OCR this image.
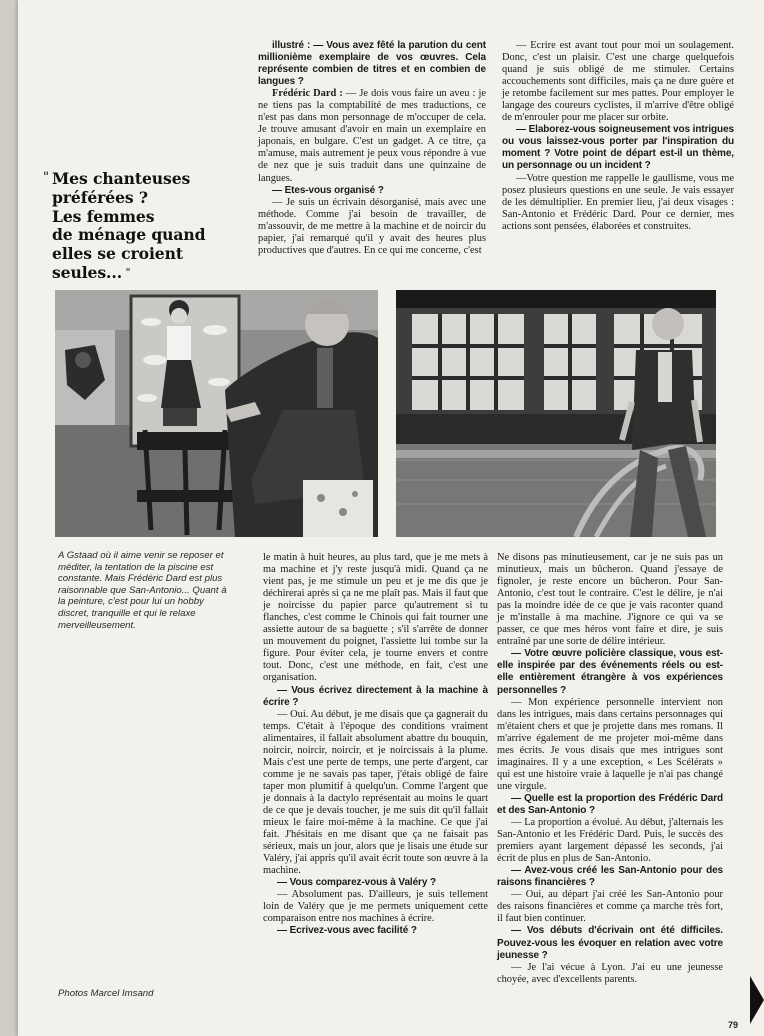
" Mes chanteuses
préférées ?
Les femmes
de ménage quand
elles se croient
seules... "

illustré : — Vous avez fêté la parution du cent millionième exemplaire de vos œuvres. Cela représente combien de titres et en combien de langues ?

Frédéric Dard : — Je dois vous faire un aveu : je ne tiens pas la comptabilité de mes traductions, ce n'est pas dans mon personnage de m'occuper de cela. Je trouve amusant d'avoir en main un exemplaire en japonais, en bulgare. C'est un gadget. A ce titre, ça m'amuse, mais autrement je peux vous répondre à vue de nez que je suis traduit dans une quinzaine de langues.

— Etes-vous organisé ?

— Je suis un écrivain désorganisé, mais avec une méthode. Comme j'ai besoin de travailler, de m'assouvir, de me mettre à la machine et de noircir du papier, j'ai remarqué qu'il y avait des heures plus productives que d'autres. En ce qui me concerne, c'est

— Ecrire est avant tout pour moi un soulagement. Donc, c'est un plaisir. C'est une charge quelquefois quand je suis obligé de me stimuler. Certains accouchements sont difficiles, mais ça ne dure guère et je retombe facilement sur mes pattes. Pour employer le langage des coureurs cyclistes, il m'arrive d'être obligé de m'enrouler pour me placer sur orbite.

— Elaborez-vous soigneusement vos intrigues ou vous laissez-vous porter par l'inspiration du moment ? Votre point de départ est-il un thème, un personnage ou un incident ?

—Votre question me rappelle le gaullisme, vous me posez plusieurs questions en une seule. Je vais essayer de les démultiplier. En premier lieu, j'ai deux visages : San-Antonio et Frédéric Dard. Pour ce dernier, mes actions sont pensées, élaborées et construites.

A Gstaad où il aime venir se reposer et méditer, la tentation de la piscine est constante. Mais Frédéric Dard est plus raisonnable que San-Antonio... Quant à la peinture, c'est pour lui un hobby discret, tranquille et qui le relaxe merveilleusement.

le matin à huit heures, au plus tard, que je me mets à ma machine et j'y reste jusqu'à midi. Quand ça ne vient pas, je me stimule un peu et je me dis que je déchirerai après si ça ne me plaît pas. Mais il faut que je noircisse du papier parce qu'autrement si tu flanches, c'est comme le Chinois qui fait tourner une assiette autour de sa baguette ; s'il s'arrête de donner un mouvement du poignet, l'assiette lui tombe sur la figure. Pour éviter cela, je tourne envers et contre tout. Donc, c'est une méthode, en fait, c'est une organisation.

— Vous écrivez directement à la machine à écrire ?

— Oui. Au début, je me disais que ça gagnerait du temps. C'était à l'époque des conditions vraiment alimentaires, il fallait absolument abattre du bouquin, noircir, noircir, noircir, et je noircissais à la plume. Mais c'est une perte de temps, une perte d'argent, car comme je ne savais pas taper, j'étais obligé de faire taper mon plumitif à quelqu'un. Comme l'argent que je donnais à la dactylo représentait au moins le quart de ce que je devais toucher, je me suis dit qu'il fallait mieux le faire moi-même à la machine. Ce que j'ai fait. J'hésitais en me disant que ça ne faisait pas sérieux, mais un jour, alors que je lisais une étude sur Valéry, j'ai appris qu'il avait écrit toute son œuvre à la machine.

— Vous comparez-vous à Valéry ?

— Absolument pas. D'ailleurs, je suis tellement loin de Valéry que je me permets uniquement cette comparaison entre nos machines à écrire.

— Ecrivez-vous avec facilité ?

Ne disons pas minutieusement, car je ne suis pas un minutieux, mais un bûcheron. Quand j'essaye de fignoler, je reste encore un bûcheron. Pour San-Antonio, c'est tout le contraire. C'est le délire, je n'ai pas la moindre idée de ce que je vais raconter quand je m'installe à ma machine. J'ignore ce qui va se passer, ce que mes héros vont faire et dire, je suis entraîné par une sorte de délire intérieur.

— Votre œuvre policière classique, vous est-elle inspirée par des événements réels ou est-elle entièrement étrangère à vos expériences personnelles ?

— Mon expérience personnelle intervient non dans les intrigues, mais dans certains personnages qui m'étaient chers et que je projette dans mes romans. Il m'arrive également de me projeter moi-même dans mes écrits. Je vous disais que mes intrigues sont imaginaires. Il y a une exception, « Les Scélérats » qui est une histoire vraie à laquelle je n'ai pas changé une virgule.

— Quelle est la proportion des Frédéric Dard et des San-Antonio ?

— La proportion a évolué. Au début, j'alternais les San-Antonio et les Frédéric Dard. Puis, le succès des premiers ayant largement dépassé les seconds, j'ai écrit de plus en plus de San-Antonio.

— Avez-vous créé les San-Antonio pour des raisons financières ?

— Oui, au départ j'ai créé les San-Antonio pour des raisons financières et comme ça marche très fort, il faut bien continuer.

— Vos débuts d'écrivain ont été difficiles. Pouvez-vous les évoquer en relation avec votre jeunesse ?

— Je l'ai vécue à Lyon. J'ai eu une jeunesse choyée, avec d'excellents parents.

Photos Marcel Imsand
79
